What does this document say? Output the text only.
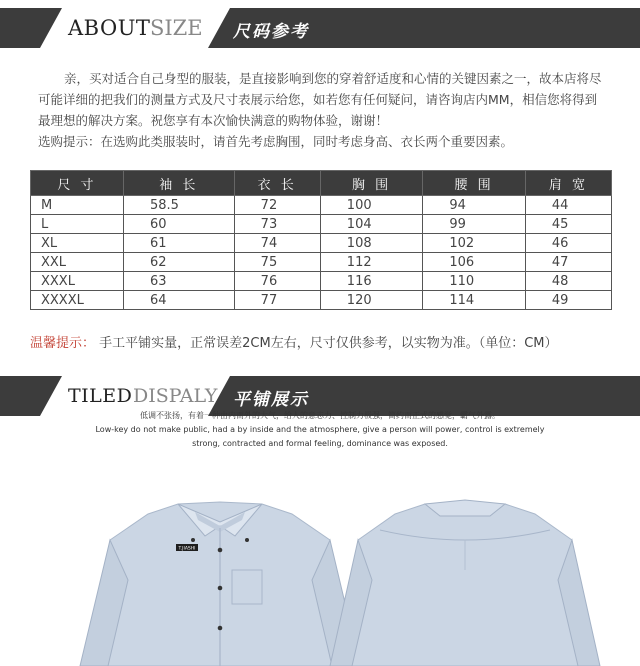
ABOUT SIZE 尺码参考

亲，买对适合自己身型的服装，是直接影响到您的穿着舒适度和心情的关键因素之一，故本店将尽可能详细的把我们的测量方式及尺寸表展示给您，如若您有任何疑问，请咨询店内MM，相信您将得到最理想的解决方案。祝您享有本次愉快满意的购物体验，谢谢！

选购提示：在选购此类服装时，请首先考虑胸围，同时考虑身高、衣长两个重要因素。

尺 寸	袖 长	衣 长	胸 围	腰 围	肩 宽
M	58.5	72	100	94	44
L	60	73	104	99	45
XL	61	74	108	102	46
XXL	62	75	112	106	47
XXXL	63	76	116	110	48
XXXXL	64	77	120	114	49
温馨提示： 手工平铺实量，正常误差2CM左右，尺寸仅供参考，以实物为准。（单位：CM）
TILED DISPALY 平铺展示
低调不张扬，有着一种由内而外的大气，给人的意志力、控制力极强，简约而正式的感觉，霸气外露。
Low-key do not make public, had a by inside and the atmosphere, give a person will power, control is extremely
strong, contracted and formal feeling, dominance was exposed.
T.JIASHI
